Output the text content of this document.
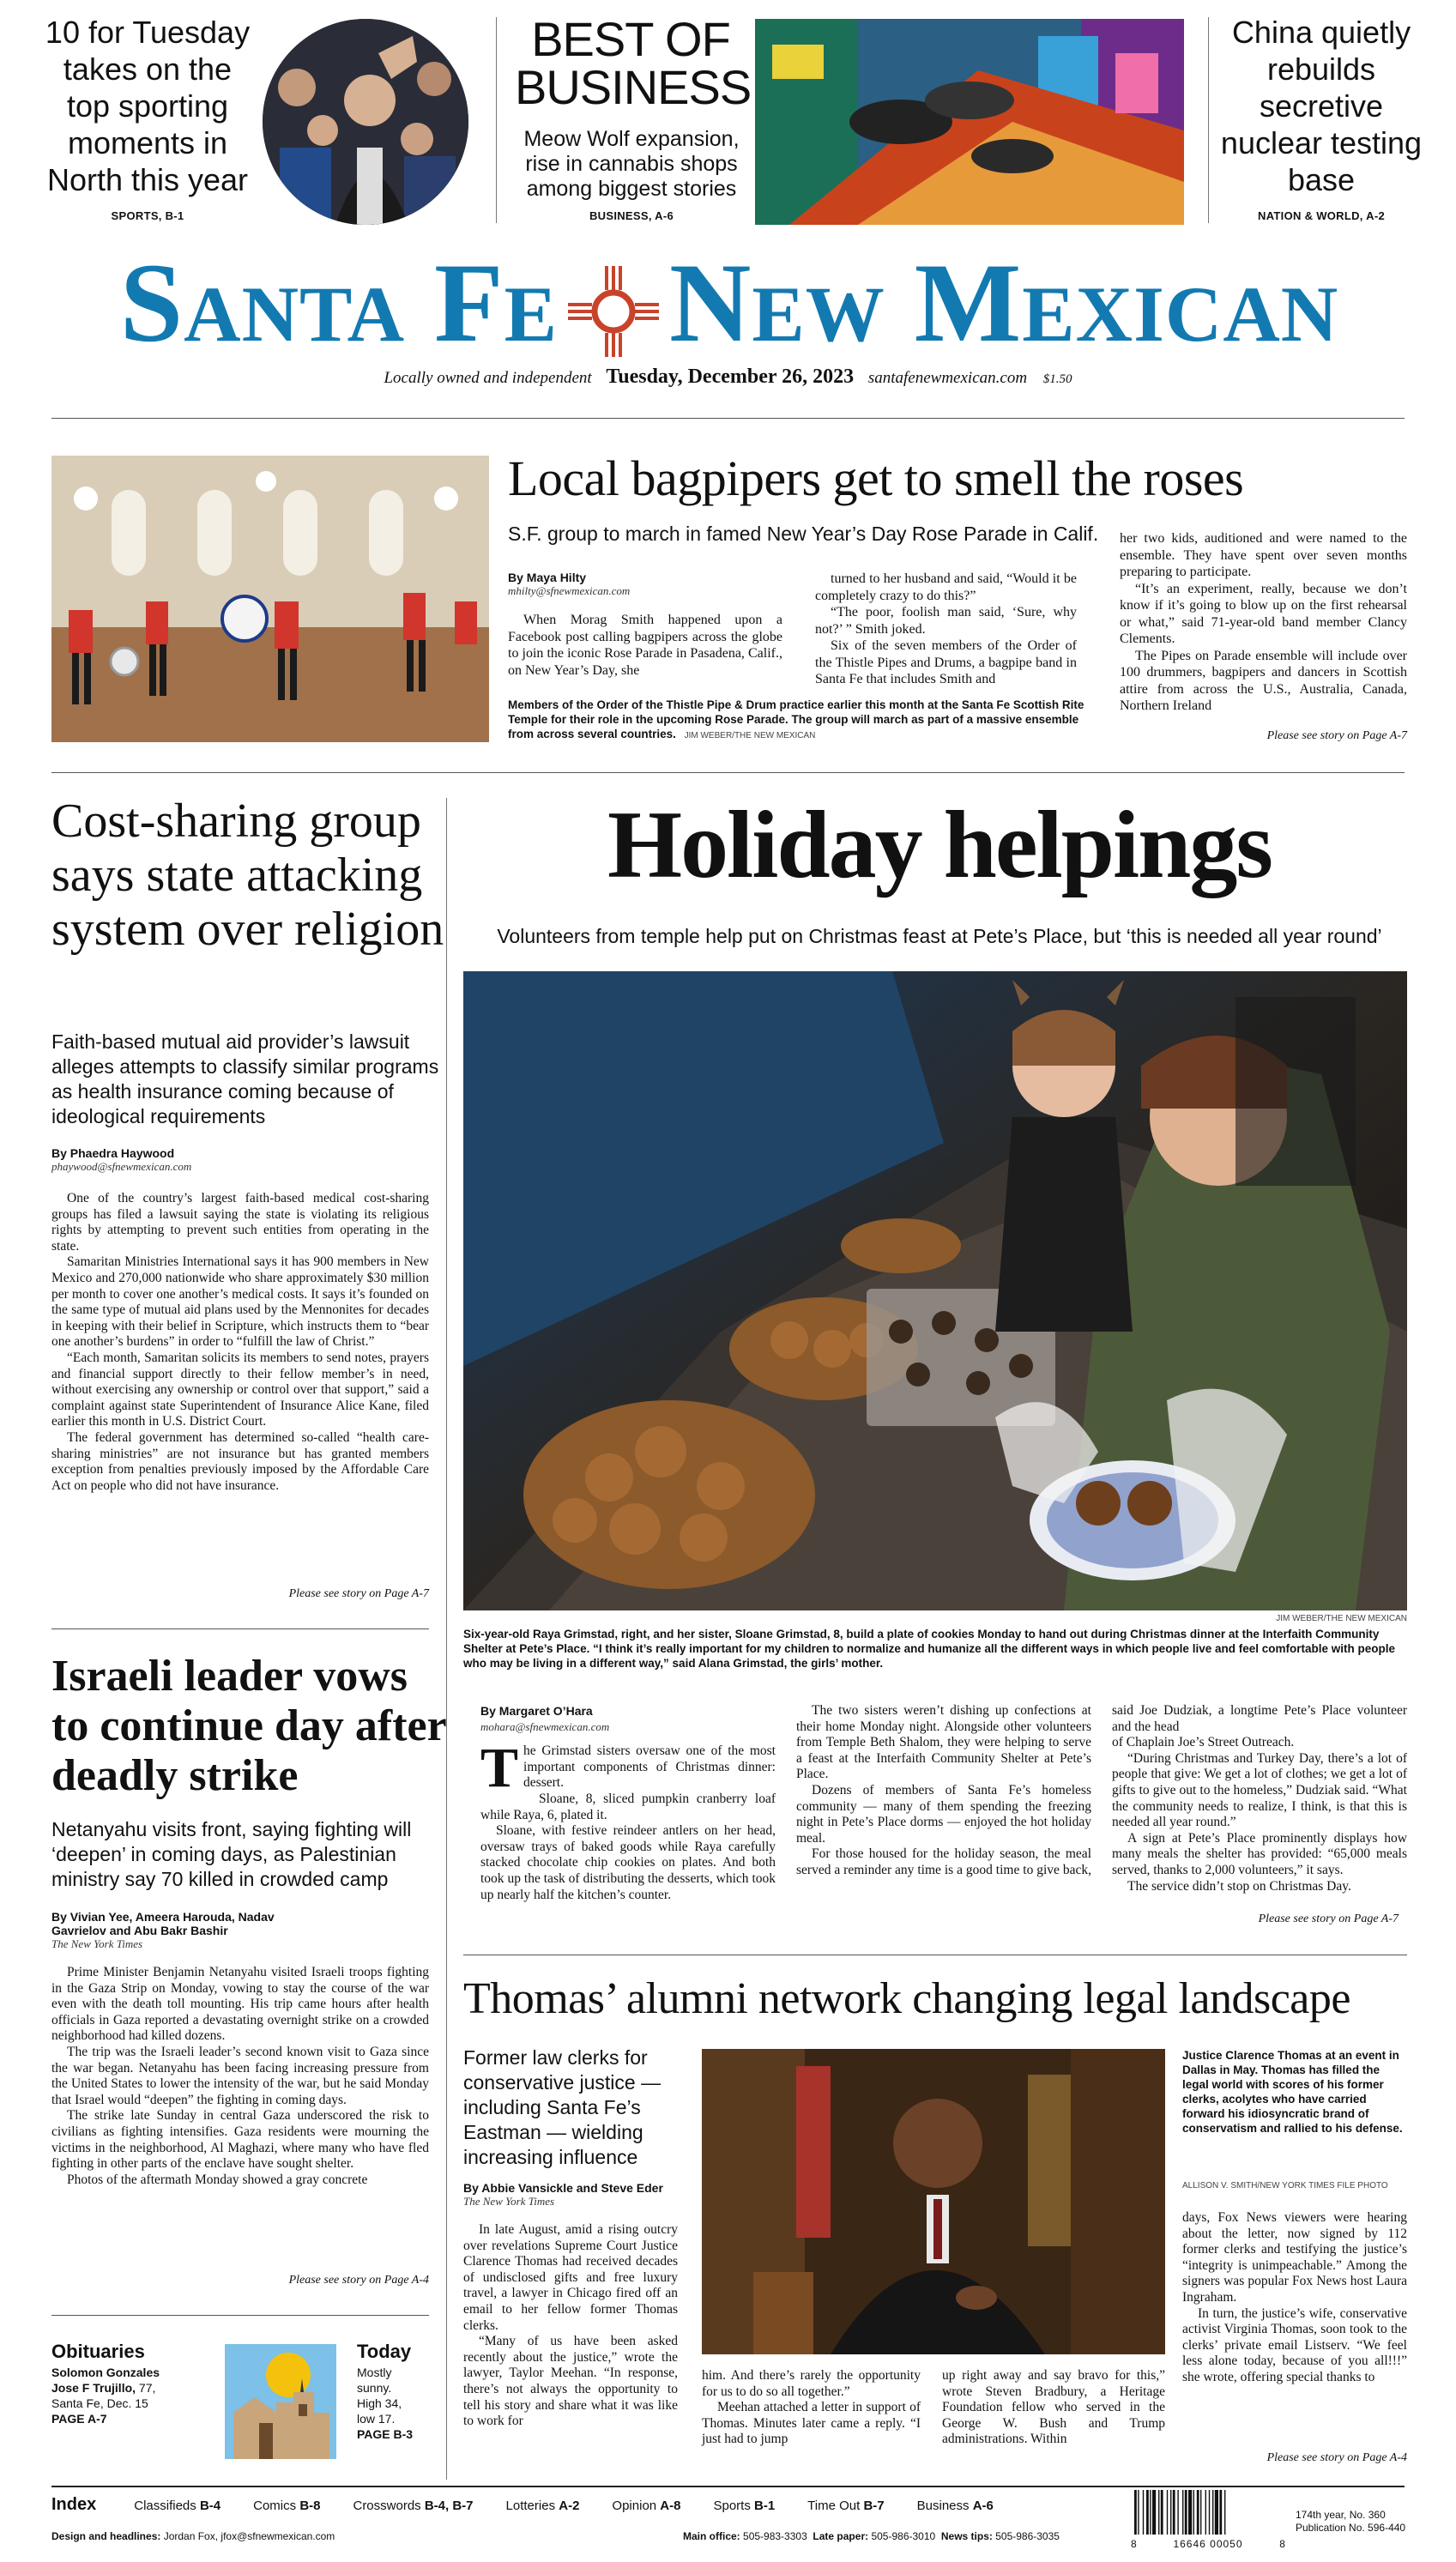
10 for Tuesday takes on the top sporting moments in North this year
SPORTS, B-1
BEST OF BUSINESS
Meow Wolf expansion, rise in cannabis shops among biggest stories
BUSINESS, A-6
China quietly rebuilds secretive nuclear testing base
NATION & WORLD, A-2
Santa Fe New Mexican
Locally owned and independent Tuesday, December 26, 2023 santafenewmexican.com $1.50
Local bagpipers get to smell the roses
S.F. group to march in famed New Year’s Day Rose Parade in Calif.
By Maya Hilty
mhilty@sfnewmexican.com

When Morag Smith happened upon a Facebook post calling bagpipers across the globe to join the iconic Rose Parade in Pasadena, Calif., on New Year’s Day, she

turned to her husband and said, “Would it be completely crazy to do this?”

“The poor, foolish man said, ‘Sure, why not?’ ” Smith joked.

Six of the seven members of the Order of the Thistle Pipes and Drums, a bagpipe band in Santa Fe that includes Smith and

her two kids, auditioned and were named to the ensemble. They have spent over seven months preparing to participate.

“It’s an experiment, really, because we don’t know if it’s going to blow up on the first rehearsal or what,” said 71-year-old band member Clancy Clements.

The Pipes on Parade ensemble will include over 100 drummers, bagpipers and dancers in Scottish attire from across the U.S., Australia, Canada, Northern Ireland

Members of the Order of the Thistle Pipe & Drum practice earlier this month at the Santa Fe Scottish Rite Temple for their role in the upcoming Rose Parade. The group will march as part of a massive ensemble from across several countries. JIM WEBER/THE NEW MEXICAN	Please see story on Page A-7
Cost-sharing group says state attacking system over religion
Faith-based mutual aid provider’s lawsuit alleges attempts to classify similar programs as health insurance coming because of ideological requirements
By Phaedra Haywood
phaywood@sfnewmexican.com

One of the country’s largest faith-based medical cost-sharing groups has filed a lawsuit saying the state is violating its religious rights by attempting to prevent such entities from operating in the state.

Samaritan Ministries International says it has 900 members in New Mexico and 270,000 nationwide who share approximately $30 million per month to cover one another’s medical costs. It says it’s founded on the same type of mutual aid plans used by the Mennonites for decades in keeping with their belief in Scripture, which instructs them to “bear one another’s burdens” in order to “fulfill the law of Christ.”

“Each month, Samaritan solicits its members to send notes, prayers and financial support directly to their fellow member’s in need, without exercising any ownership or control over that support,” said a complaint against state Superintendent of Insurance Alice Kane, filed earlier this month in U.S. District Court.

The federal government has determined so-called “health care-sharing ministries” are not insurance but has granted members exception from penalties previously imposed by the Affordable Care Act on people who did not have insurance.

Please see story on Page A-7
Israeli leader vows to continue day after deadly strike
Netanyahu visits front, saying fighting will ‘deepen’ in coming days, as Palestinian ministry say 70 killed in crowded camp
By Vivian Yee, Ameera Harouda, Nadav Gavrielov and Abu Bakr Bashir
The New York Times

Prime Minister Benjamin Netanyahu visited Israeli troops fighting in the Gaza Strip on Monday, vowing to stay the course of the war even with the death toll mounting. His trip came hours after health officials in Gaza reported a devastating overnight strike on a crowded neighborhood had killed dozens.

The trip was the Israeli leader’s second known visit to Gaza since the war began. Netanyahu has been facing increasing pressure from the United States to lower the intensity of the war, but he said Monday that Israel would “deepen” the fighting in coming days.

The strike late Sunday in central Gaza underscored the risk to civilians as fighting intensifies. Gaza residents were mourning the victims in the neighborhood, Al Maghazi, where many who have fled fighting in other parts of the enclave have sought shelter.

Photos of the aftermath Monday showed a gray concrete

Please see story on Page A-4
Obituaries
Solomon Gonzales
Jose F Trujillo, 77,
Santa Fe, Dec. 15
PAGE A-7
Today
Mostly
sunny.
High 34,
low 17.
PAGE B-3
Holiday helpings
Volunteers from temple help put on Christmas feast at Pete’s Place, but ‘this is needed all year round’
JIM WEBER/THE NEW MEXICAN
Six-year-old Raya Grimstad, right, and her sister, Sloane Grimstad, 8, build a plate of cookies Monday to hand out during Christmas dinner at the Interfaith Community Shelter at Pete’s Place. “I think it’s really important for my children to normalize and humanize all the different ways in which people live and feel comfortable with people who may be living in a different way,” said Alana Grimstad, the girls’ mother.
By Margaret O’Hara
mohara@sfnewmexican.com

The Grimstad sisters oversaw one of the most important components of Christmas dinner: dessert.

Sloane, 8, sliced pumpkin cranberry loaf while Raya, 6, plated it.

Sloane, with festive reindeer antlers on her head, oversaw trays of baked goods while Raya carefully stacked chocolate chip cookies on plates. And both took up the task of distributing the desserts, which took up nearly half the kitchen’s counter.

The two sisters weren’t dishing up confections at their home Monday night. Alongside other volunteers from Temple Beth Shalom, they were helping to serve a feast at the Interfaith Community Shelter at Pete’s Place.

Dozens of members of Santa Fe’s homeless community — many of them spending the freezing night in Pete’s Place dorms — enjoyed the hot holiday meal.

For those housed for the holiday season, the meal served a reminder any time is a good time to give back, said Joe Dudziak, a longtime Pete’s Place volunteer and the head

of Chaplain Joe’s Street Outreach.

“During Christmas and Turkey Day, there’s a lot of people that give: We get a lot of clothes; we get a lot of gifts to give out to the homeless,” Dudziak said. “What the community needs to realize, I think, is that this is needed all year round.”

A sign at Pete’s Place prominently displays how many meals the shelter has provided: “65,000 meals served, thanks to 2,000 volunteers,” it says.

The service didn’t stop on Christmas Day.

Please see story on Page A-7
Thomas’ alumni network changing legal landscape
Former law clerks for conservative justice — including Santa Fe’s Eastman — wielding increasing influence
By Abbie Vansickle and Steve Eder
The New York Times

In late August, amid a rising outcry over revelations Supreme Court Justice Clarence Thomas had received decades of undisclosed gifts and free luxury travel, a lawyer in Chicago fired off an email to her fellow former Thomas clerks.

“Many of us have been asked recently about the justice,” wrote the lawyer, Taylor Meehan. “In response, there’s not always the opportunity to tell his story and share what it was like to work for

him. And there’s rarely the opportunity for us to do so all together.”

Meehan attached a letter in support of Thomas. Minutes later came a reply. “I just had to jump

up right away and say bravo for this,” wrote Steven Bradbury, a Heritage Foundation fellow who served in the George W. Bush and Trump administrations. Within

Justice Clarence Thomas at an event in Dallas in May. Thomas has filled the legal world with scores of his former clerks, acolytes who have carried forward his idiosyncratic brand of conservatism and rallied to his defense.
ALLISON V. SMITH/NEW YORK TIMES FILE PHOTO

days, Fox News viewers were hearing about the letter, now signed by 112 former clerks and testifying the justice’s “integrity is unimpeachable.” Among the signers was popular Fox News host Laura Ingraham.

In turn, the justice’s wife, conservative activist Virginia Thomas, soon took to the clerks’ private email Listserv. “We feel less alone today, because of you all!!!” she wrote, offering special thanks to

Please see story on Page A-4
Index	Classifieds B-4	Comics B-8	Crosswords B-4, B-7	Lotteries A-2	Opinion A-8	Sports B-1	Time Out B-7	Business A-6
Design and headlines: Jordan Fox, jfox@sfnewmexican.com	Main office: 505-983-3303 Late paper: 505-986-3010 News tips: 505-986-3035
8	16646 00050	8
174th year, No. 360
Publication No. 596-440
